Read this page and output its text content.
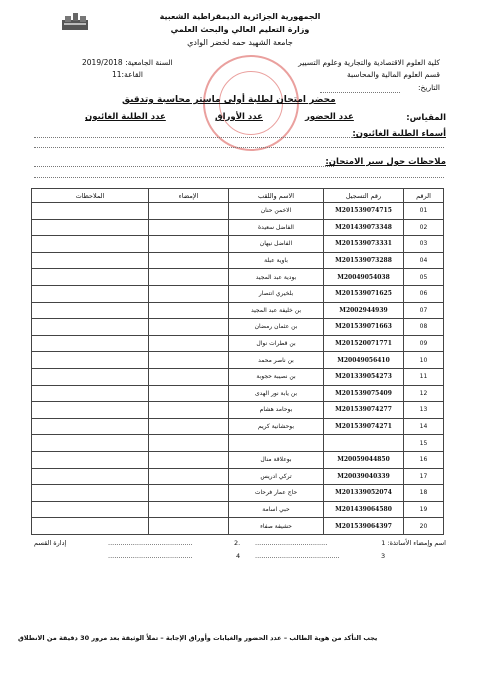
الجمهورية الجزائرية الديمقراطية الشعبية
وزارة التعليم العالي والبحث العلمي
جامعة الشهيد حمه لخضر الوادي
كلية العلوم الاقتصادية والتجارية وعلوم التسيير
قسم العلوم المالية والمحاسبة
التاريخ:
السنة الجامعية: 2019/2018
القاعة:11
محضر امتحان لطلبة أولى ماستر محاسبة وتدقيق
المقياس:
عدد الحضور
عدد الأوراق
عدد الطلبة الغائبون
أسماء الطلبة الغائبون:
ملاحظات حول سير الامتحان:
الرقم	رقم التسجيل	الاسم واللقب	الإمضاء	الملاحظات
01	M201539074715	الاخمن حنان		
02	M201439073348	الفاضل سعيدة		
03	M201539073331	الفاضل نيهان		
04	M201539073288	باوية عبلة		
05	M20049054038	بودية عبد المجيد		
06	M201539071625	بلخيري انتصار		
07	M2002944939	بن خليفة عبد المجيد		
08	M201539071663	بن عثمان رمضان		
09	M201520071771	بن قطرات نوال		
10	M20049056410	بن ناصر محمد		
11	M201339054273	بن نصيبة حجوبة		
12	M201539075409	بن يابة نور الهدى		
13	M201539074277	بوحامد هشام		
14	M201539074271	بوحشانية كريم		
15				
16	M20059044850	بوعلاقة منال		
17	M20039040339	تركي ادريس		
18	M201339052074	حاج عمار فرحات		
19	M201439064580	حبي اسامة		
20	M201539064397	حشيفة صفاء		
اسم وإمضاء الأساتذة: 1
...................................
2.
.........................................
إدارة القسم
3
.........................................
4
.........................................
يجب التأكد من هوية الطالب – عدد الحضور والغيابات وأوراق الإجابة – تملأ الوثيقة بعد مرور 30 دقيقة من الانطلاق
